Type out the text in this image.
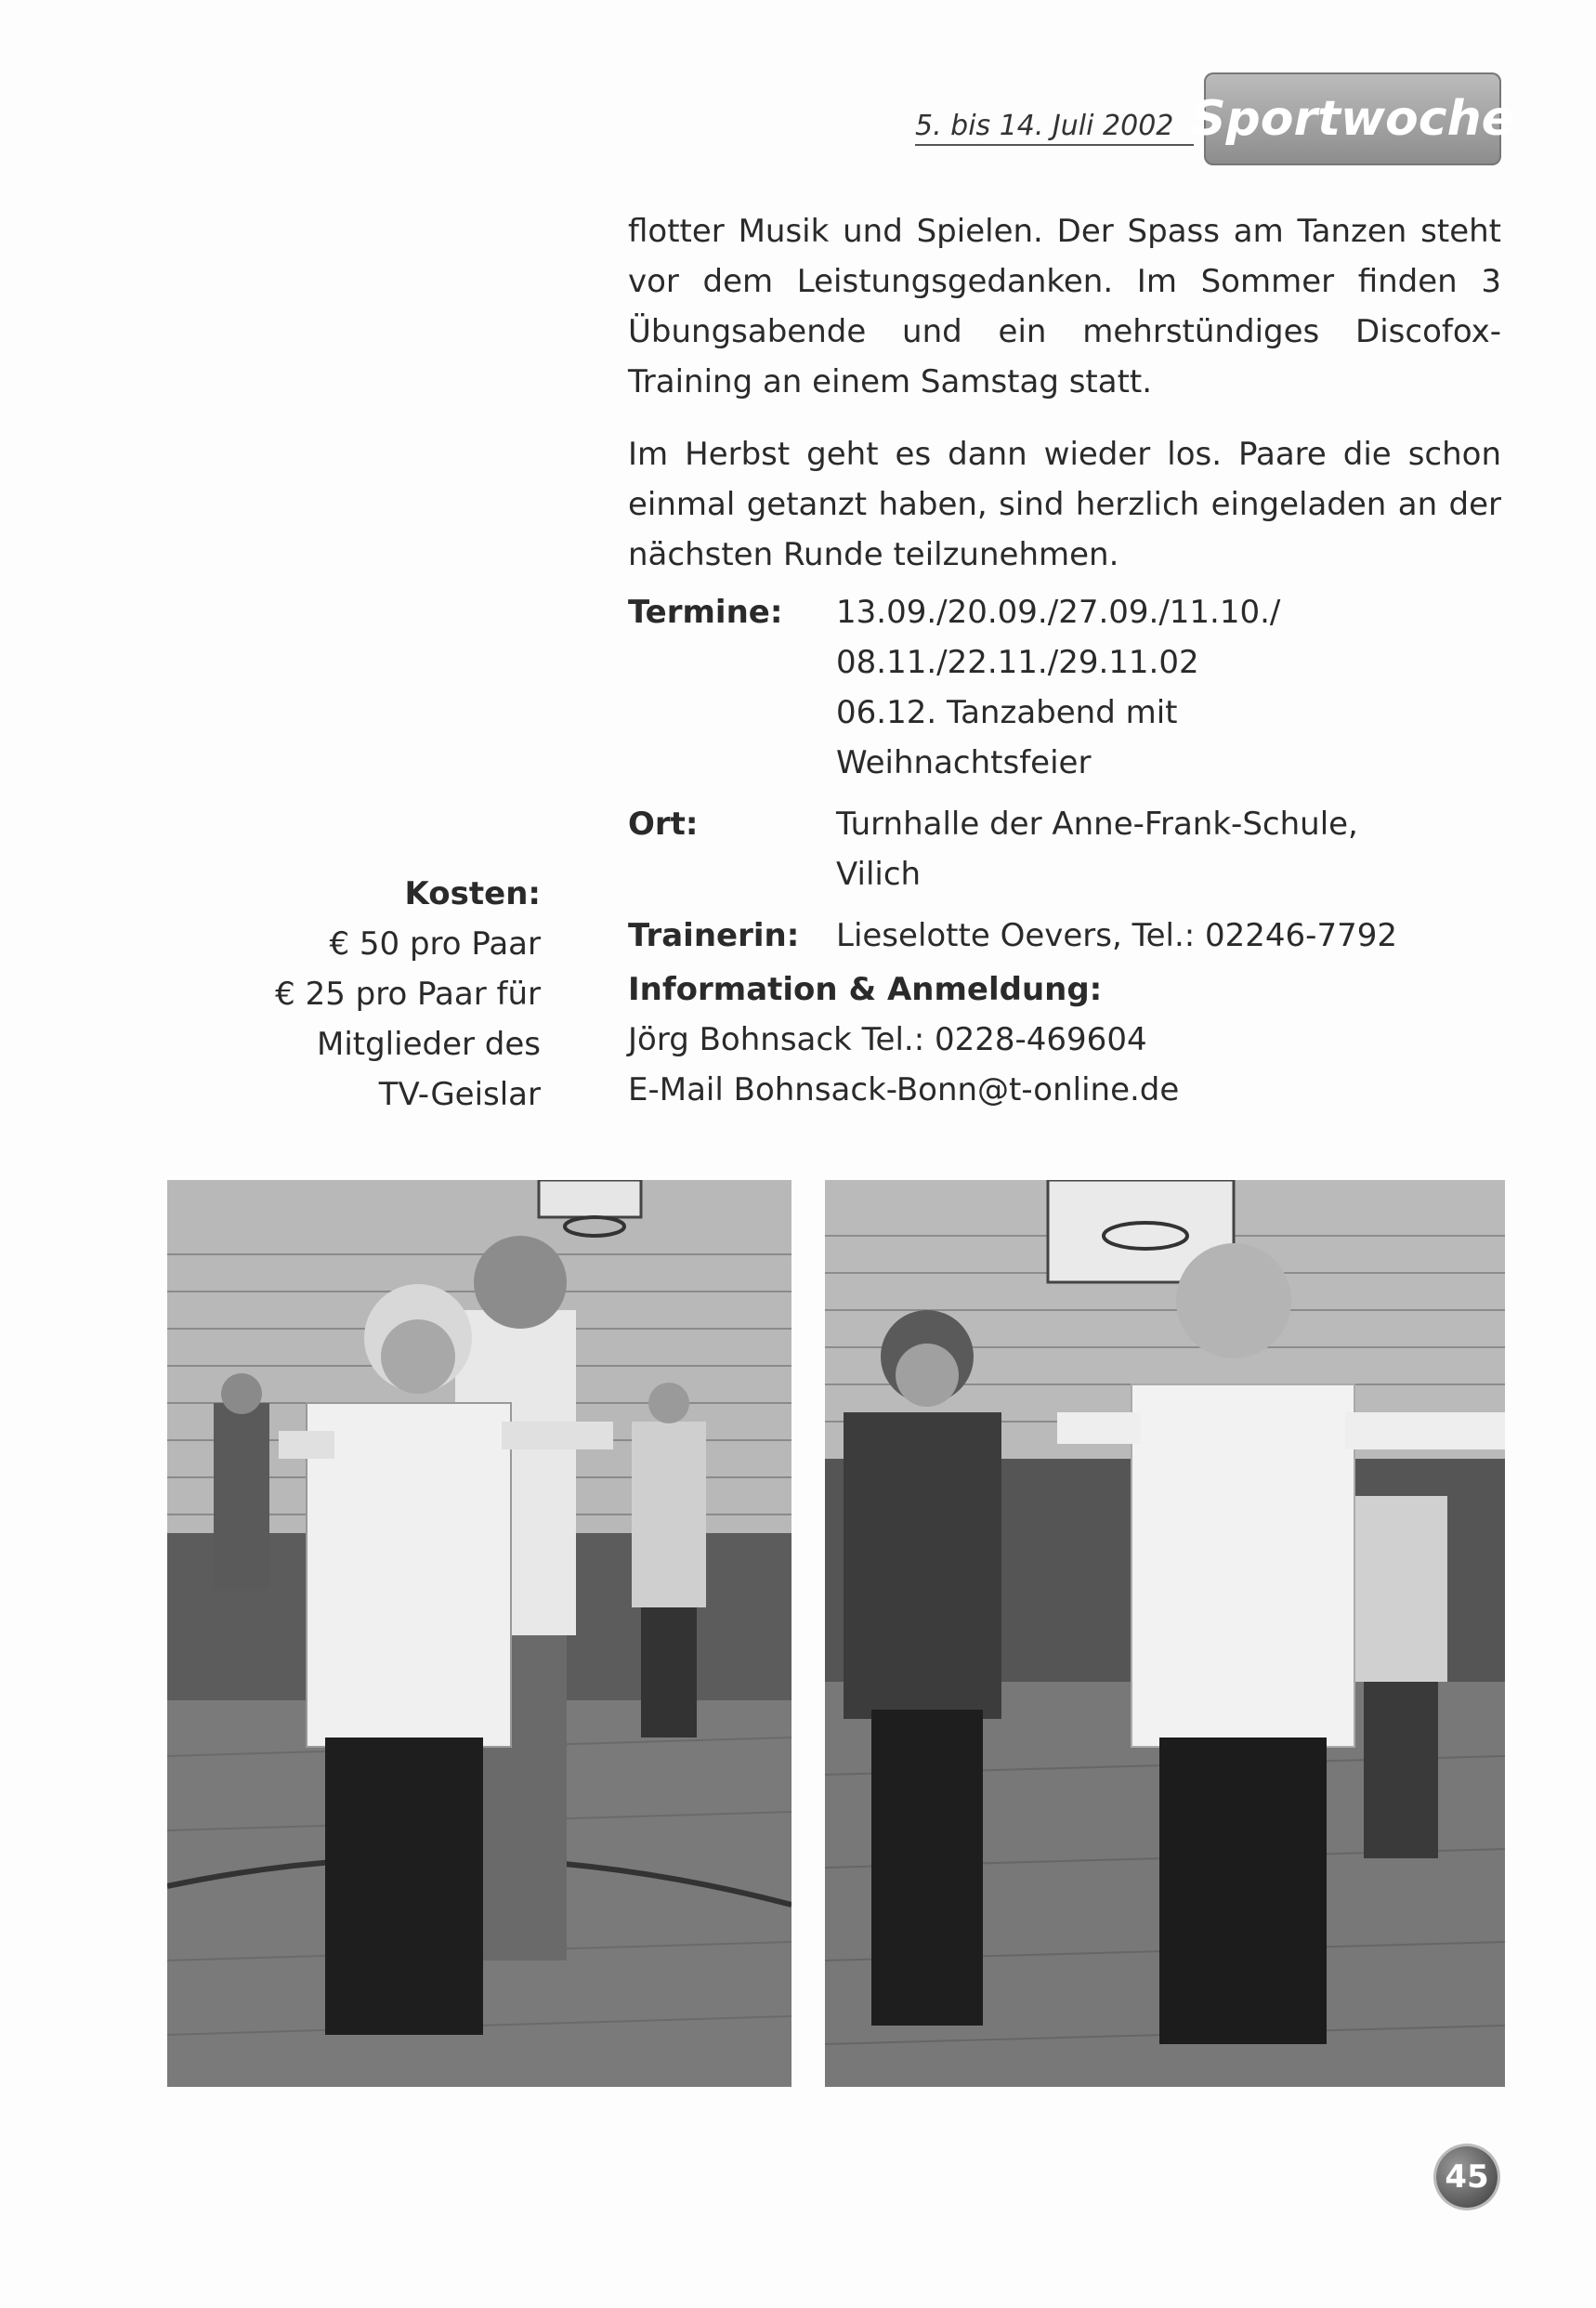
5. bis 14. Juli 2002 Sportwoche

flotter Musik und Spielen. Der Spass am Tanzen steht vor dem Leistungsgedanken. Im Sommer finden 3 Übungsabende und ein mehrstündiges Discofox-Training an einem Samstag statt.

Im Herbst geht es dann wieder los. Paare die schon einmal getanzt haben, sind herzlich eingeladen an der nächsten Runde teilzunehmen.

Termine:	13.09./20.09./27.09./11.10./
08.11./22.11./29.11.02
06.12. Tanzabend mit
Weihnachtsfeier
Ort:	Turnhalle der Anne-Frank-Schule,
Vilich
Trainerin:	Lieselotte Oevers, Tel.: 02246-7792
Information & Anmeldung:
Jörg Bohnsack Tel.: 0228-469604
E-Mail Bohnsack-Bonn@t-online.de
Kosten:
€ 50 pro Paar
€ 25 pro Paar für
Mitglieder des
TV-Geislar
45
